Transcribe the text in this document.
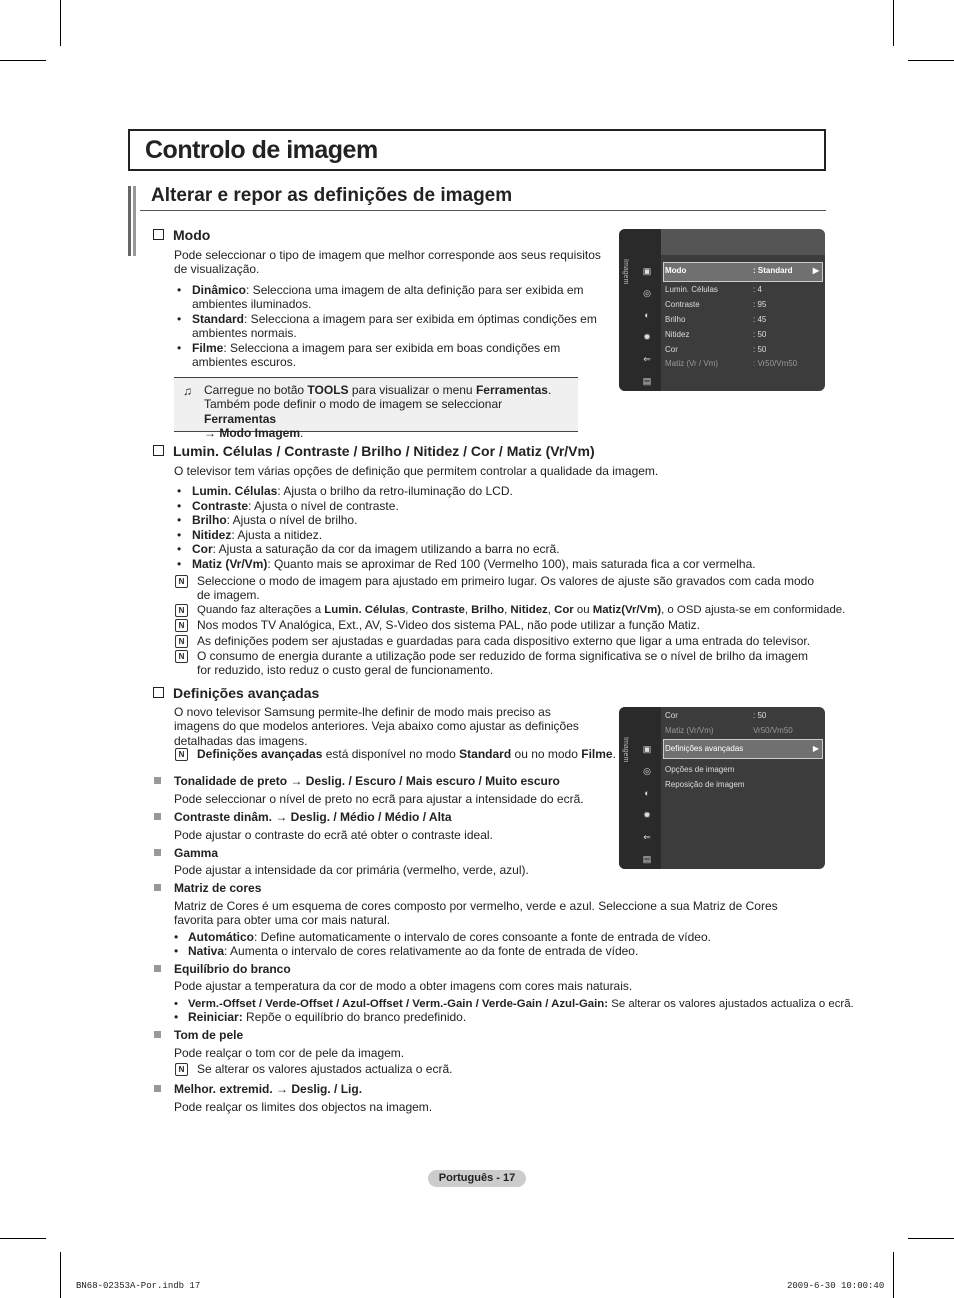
Controlo de imagem
Alterar e repor as definições de imagem
Modo
Pode seleccionar o tipo de imagem que melhor corresponde aos seus requisitos de visualização.
• Dinâmico: Selecciona uma imagem de alta definição para ser exibida em ambientes iluminados.
• Standard: Selecciona a imagem para ser exibida em óptimas condições em ambientes normais.
• Filme: Selecciona a imagem para ser exibida em boas condições em ambientes escuros.
♫ Carregue no botão TOOLS para visualizar o menu Ferramentas.
Também pode definir o modo de imagem se seleccionar Ferramentas
→ Modo Imagem.
Imagem ▣
◎
◐
✹
⇐
▤
Modo	: Standard	▶
Lumin. Células	: 4
Contraste	: 95
Brilho	: 45
Nitidez	: 50
Cor	: 50
Matiz (Vr / Vm)	: Vr50/Vm50
Lumin. Células / Contraste / Brilho / Nitidez / Cor / Matiz (Vr/Vm)
O televisor tem várias opções de definição que permitem controlar a qualidade da imagem.
• Lumin. Células: Ajusta o brilho da retro-iluminação do LCD.
• Contraste: Ajusta o nível de contraste.
• Brilho: Ajusta o nível de brilho.
• Nitidez: Ajusta a nitidez.
• Cor: Ajusta a saturação da cor da imagem utilizando a barra no ecrã.
• Matiz (Vr/Vm): Quanto mais se aproximar de Red 100 (Vermelho 100), mais saturada fica a cor vermelha.
N	Seleccione o modo de imagem para ajustado em primeiro lugar. Os valores de ajuste são gravados com cada modo de imagem.
N	Quando faz alterações a Lumin. Células, Contraste, Brilho, Nitidez, Cor ou Matiz(Vr/Vm), o OSD ajusta-se em conformidade.
N	Nos modos TV Analógica, Ext., AV, S-Video dos sistema PAL, não pode utilizar a função Matiz.
N	As definições podem ser ajustadas e guardadas para cada dispositivo externo que ligar a uma entrada do televisor.
N	O consumo de energia durante a utilização pode ser reduzido de forma significativa se o nível de brilho da imagem for reduzido, isto reduz o custo geral de funcionamento.
Definições avançadas
O novo televisor Samsung permite-lhe definir de modo mais preciso as imagens do que modelos anteriores. Veja abaixo como ajustar as definições detalhadas das imagens.
N	Definições avançadas está disponível no modo Standard ou no modo Filme. Imagem ▣
◎
◐
✹
⇐
▤
Cor	: 50
Matiz (Vr/Vm)	Vr50/Vm50
Definições avançadas	▶
Opções de imagem
Reposição de imagem
Tonalidade de preto → Deslig. / Escuro / Mais escuro / Muito escuro
Pode seleccionar o nível de preto no ecrã para ajustar a intensidade do ecrã.
Contraste dinâm. → Deslig. / Médio / Médio / Alta
Pode ajustar o contraste do ecrã até obter o contraste ideal.
Gamma
Pode ajustar a intensidade da cor primária (vermelho, verde, azul).
Matriz de cores
Matriz de Cores é um esquema de cores composto por vermelho, verde e azul. Seleccione a sua Matriz de Cores favorita para obter uma cor mais natural.
• Automático: Define automaticamente o intervalo de cores consoante a fonte de entrada de vídeo.
• Nativa: Aumenta o intervalo de cores relativamente ao da fonte de entrada de vídeo.
Equilíbrio do branco
Pode ajustar a temperatura da cor de modo a obter imagens com cores mais naturais.
• Verm.-Offset / Verde-Offset / Azul-Offset / Verm.-Gain / Verde-Gain / Azul-Gain: Se alterar os valores ajustados actualiza o ecrã.
• Reiniciar: Repõe o equilíbrio do branco predefinido.
Tom de pele
Pode realçar o tom cor de pele da imagem.
N	Se alterar os valores ajustados actualiza o ecrã.
Melhor. extremid. → Deslig. / Lig.
Pode realçar os limites dos objectos na imagem.
Português - 17
BN68-02353A-Por.indb 17	2009-6-30 10:00:40
